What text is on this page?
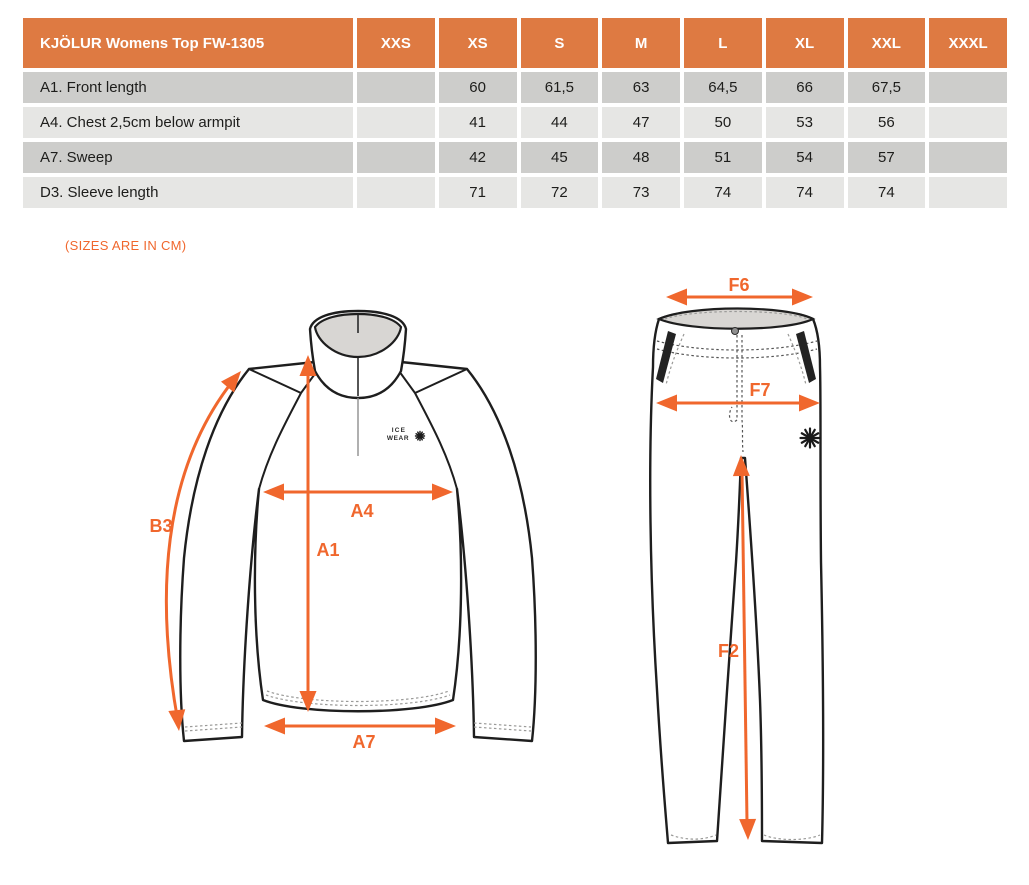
KJÖLUR Womens Top FW-1305	XXS	XS	S	M	L	XL	XXL	XXXL
A1. Front length		60	61,5	63	64,5	66	67,5	
A4. Chest 2,5cm below armpit		41	44	47	50	53	56	
A7. Sweep		42	45	48	51	54	57	
D3. Sleeve length		71	72	73	74	74	74	
(SIZES ARE IN CM)
ICE
WEAR
B3
A4
A1
A7
F6
F7
F2
